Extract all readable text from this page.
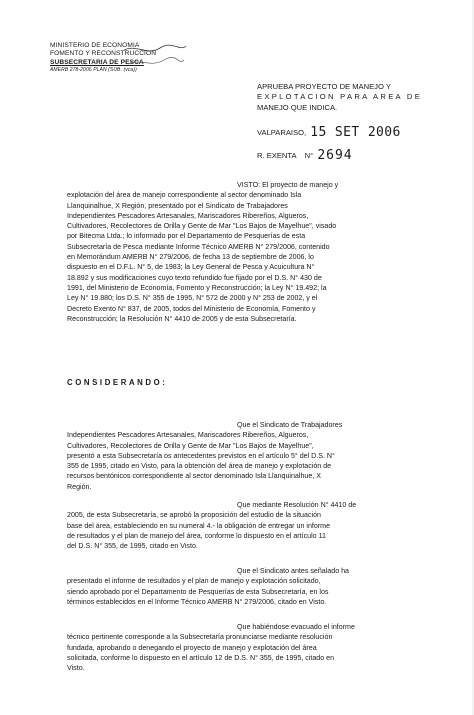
MINISTERIO DE ECONOMIA
FOMENTO Y RECONSTRUCCION
SUBSECRETARIA DE PESCA
AMERB 278-2006 PLAN (SUB. (vca))
APRUEBA PROYECTO DE MANEJO Y
EXPLOTACION PARA AREA DE
MANEJO QUE INDICA.
VALPARAISO, 15 SET 2006
R. EXENTA N° 2694
VISTO: El proyecto de manejo y
explotación del área de manejo correspondiente al sector denominado Isla
Llanquinalhue, X Región, presentado por el Sindicato de Trabajadores
Independientes Pescadores Artesanales, Mariscadores Ribereños, Algueros,
Cultivadores, Recolectores de Orilla y Gente de Mar "Los Bajos de Mayelhue", visado
por Bitecma Ltda.; lo informado por el Departamento de Pesquerías de esta
Subsecretaría de Pesca mediante Informe Técnico AMERB N° 279/2006, contenido
en Memorándum AMERB N° 279/2006, de fecha 13 de septiembre de 2006, lo
dispuesto en el D.F.L. N° 5, de 1983; la Ley General de Pesca y Acuicultura N°
18.892 y sus modificaciones cuyo texto refundido fue fijado por el D.S. N° 430 de
1991, del Ministerio de Economía, Fomento y Reconstrucción; la Ley N° 19.492; la
Ley N° 19.880; los D.S. N° 355 de 1995, N° 572 de 2000 y N° 253 de 2002, y el
Decreto Exento N° 837, de 2005, todos del Ministerio de Economía, Fomento y
Reconstrucción; la Resolución N° 4410 de 2005 y de esta Subsecretaría.
CONSIDERANDO:
Que el Sindicato de Trabajadores
Independientes Pescadores Artesanales, Mariscadores Ribereños, Algueros,
Cultivadores, Recolectores de Orilla y Gente de Mar "Los Bajos de Mayelhue",
presentó a esta Subsecretaría os antecedentes previstos en el artículo 5° del D.S. N°
355 de 1995, citado en Visto, para la obtención del área de manejo y explotación de
recursos bentónicos correspondiente al sector denominado Isla Llanquinalhue, X
Región.
Que mediante Resolución N° 4410 de
2005, de esta Subsecretaría, se aprobó la proposición del estudio de la situación
base del área, estableciendo en su numeral 4.- la obligación de entregar un informe
de resultados y el plan de manejo del área, conforme lo dispuesto en el artículo 11
del D.S. N° 355, de 1995, citado en Visto.
Que el Sindicato antes señalado ha
presentado el informe de resultados y el plan de manejo y explotación solicitado,
siendo aprobado por el Departamento de Pesquerías de esta Subsecretaría, en los
términos establecidos en el Informe Técnico AMERB N° 279/2006, citado en Visto.
Que habiéndose evacuado el informe
técnico pertinente corresponde a la Subsecretaría pronunciarse mediante resolución
fundada, aprobando o denegando el proyecto de manejo y explotación del área
solicitada, conforme lo dispuesto en el artículo 12 de D.S. N° 355, de 1995, citado en
Visto.
